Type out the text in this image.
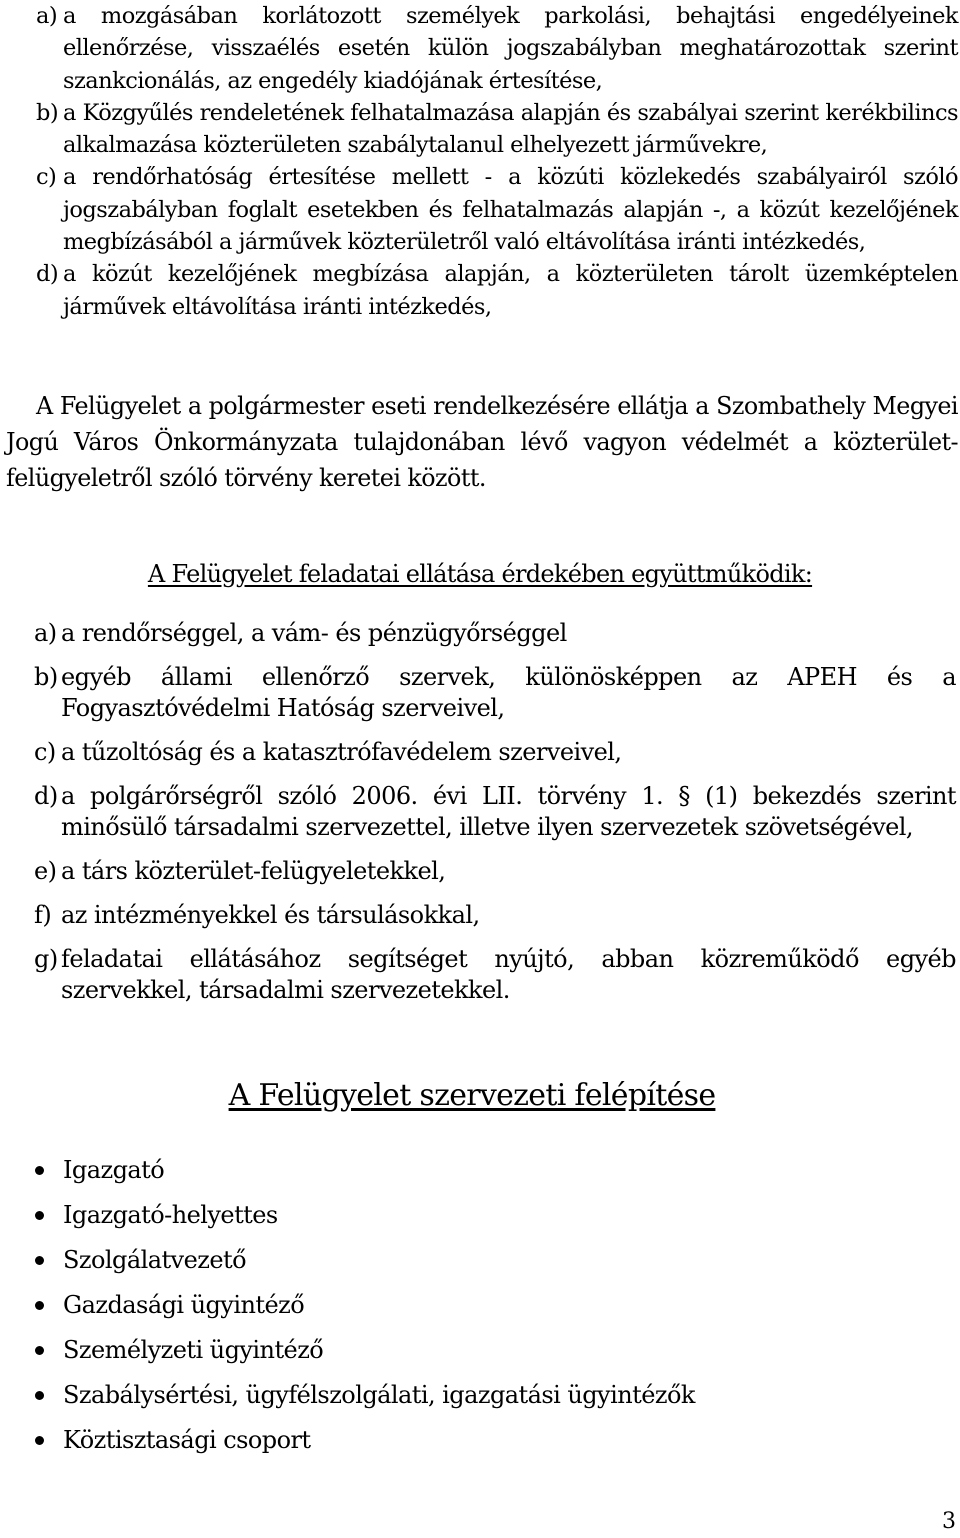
a) a mozgásában korlátozott személyek parkolási, behajtási engedélyeinek ellenőrzése, visszaélés esetén külön jogszabályban meghatározottak szerint szankcionálás, az engedély kiadójának értesítése,
b) a Közgyűlés rendeletének felhatalmazása alapján és szabályai szerint kerékbilincs alkalmazása közterületen szabálytalanul elhelyezett járművekre,
c) a rendőrhatóság értesítése mellett - a közúti közlekedés szabályairól szóló jogszabályban foglalt esetekben és felhatalmazás alapján -, a közút kezelőjének megbízásából a járművek közterületről való eltávolítása iránti intézkedés,
d) a közút kezelőjének megbízása alapján, a közterületen tárolt üzemképtelen járművek eltávolítása iránti intézkedés,
A Felügyelet a polgármester eseti rendelkezésére ellátja a Szombathely Megyei Jogú Város Önkormányzata tulajdonában lévő vagyon védelmét a közterület-felügyeletről szóló törvény keretei között.
A Felügyelet feladatai ellátása érdekében együttműködik:
a) a rendőrséggel, a vám- és pénzügyőrséggel
b) egyéb állami ellenőrző szervek, különösképpen az APEH és a Fogyasztóvédelmi Hatóság szerveivel,
c) a tűzoltóság és a katasztrófavédelem szerveivel,
d) a polgárőrségről szóló 2006. évi LII. törvény 1. § (1) bekezdés szerint minősülő társadalmi szervezettel, illetve ilyen szervezetek szövetségével,
e) a társ közterület-felügyeletekkel,
f) az intézményekkel és társulásokkal,
g) feladatai ellátásához segítséget nyújtó, abban közreműködő egyéb szervekkel, társadalmi szervezetekkel.
A Felügyelet szervezeti felépítése
Igazgató
Igazgató-helyettes
Szolgálatvezető
Gazdasági ügyintéző
Személyzeti ügyintéző
Szabálysértési, ügyfélszolgálati, igazgatási ügyintézők
Köztisztasági csoport
3
